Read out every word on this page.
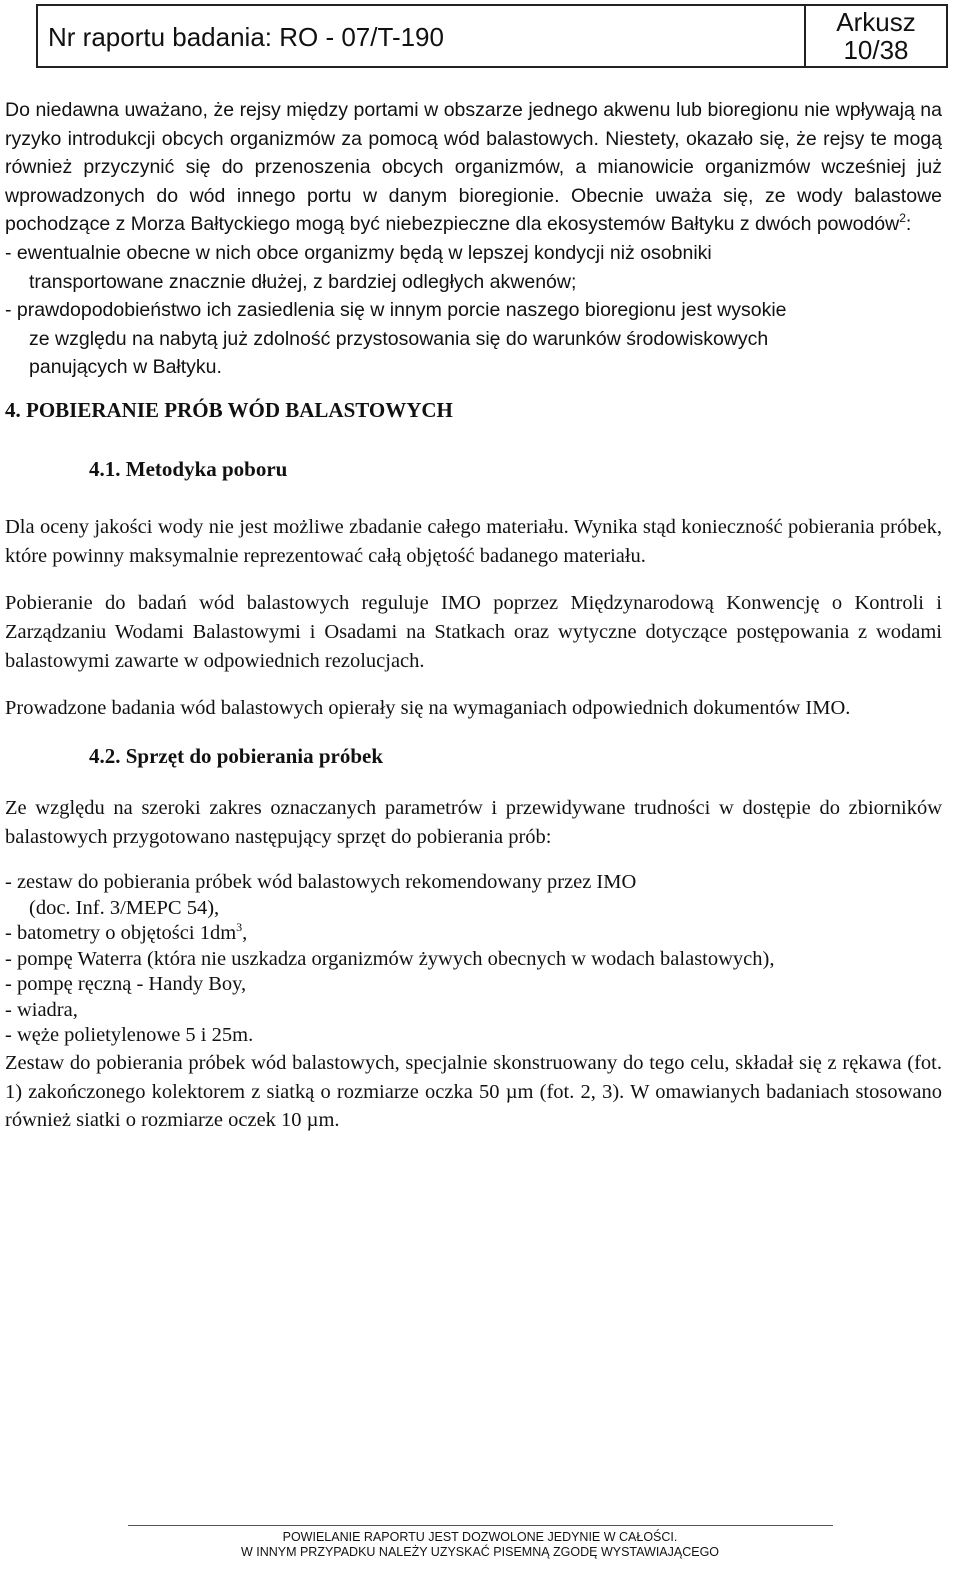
Nr raportu badania: RO - 07/T-190	Arkusz
10/38

Do niedawna uważano, że rejsy między portami w obszarze jednego akwenu lub bioregionu nie wpływają na ryzyko introdukcji obcych organizmów za pomocą wód balastowych. Niestety, okazało się, że rejsy te mogą również przyczynić się do przenoszenia obcych organizmów, a mianowicie organizmów wcześniej już wprowadzonych do wód innego portu w danym bioregionie. Obecnie uważa się, ze wody balastowe pochodzące z Morza Bałtyckiego mogą być niebezpieczne dla ekosystemów Bałtyku z dwóch powodów$^2$:

- ewentualnie obecne w nich obce organizmy będą w lepszej kondycji niż osobniki
transportowane znacznie dłużej, z bardziej odległych akwenów;
- prawdopodobieństwo ich zasiedlenia się w innym porcie naszego bioregionu jest wysokie
ze względu na nabytą już zdolność przystosowania się do warunków środowiskowych
panujących w Bałtyku.
4. POBIERANIE PRÓB WÓD BALASTOWYCH
4.1. Metodyka poboru

Dla oceny jakości wody nie jest możliwe zbadanie całego materiału. Wynika stąd konieczność pobierania próbek, które powinny maksymalnie reprezentować całą objętość badanego materiału.

Pobieranie do badań wód balastowych reguluje IMO poprzez Międzynarodową Konwencję o Kontroli i Zarządzaniu Wodami Balastowymi i Osadami na Statkach oraz wytyczne dotyczące postępowania z wodami balastowymi zawarte w odpowiednich rezolucjach.

Prowadzone badania wód balastowych opierały się na wymaganiach odpowiednich dokumentów IMO.

4.2. Sprzęt do pobierania próbek

Ze względu na szeroki zakres oznaczanych parametrów i przewidywane trudności w dostępie do zbiorników balastowych przygotowano następujący sprzęt do pobierania prób:

- zestaw do pobierania próbek wód balastowych rekomendowany przez IMO
(doc. Inf. 3/MEPC 54),
- batometry o objętości $1dm^3$,
- pompę Waterra (która nie uszkadza organizmów żywych obecnych w wodach balastowych),
- pompę ręczną - Handy Boy,
- wiadra,
- węże polietylenowe 5 i 25m.

Zestaw do pobierania próbek wód balastowych, specjalnie skonstruowany do tego celu, składał się z rękawa (fot. 1) zakończonego kolektorem z siatką o rozmiarze oczka 50 µm (fot. 2, 3). W omawianych badaniach stosowano również siatki o rozmiarze oczek 10 µm.

POWIELANIE RAPORTU JEST DOZWOLONE JEDYNIE W CAŁOŚCI.
W INNYM PRZYPADKU NALEŻY UZYSKAĆ PISEMNĄ ZGODĘ WYSTAWIAJĄCEGO
